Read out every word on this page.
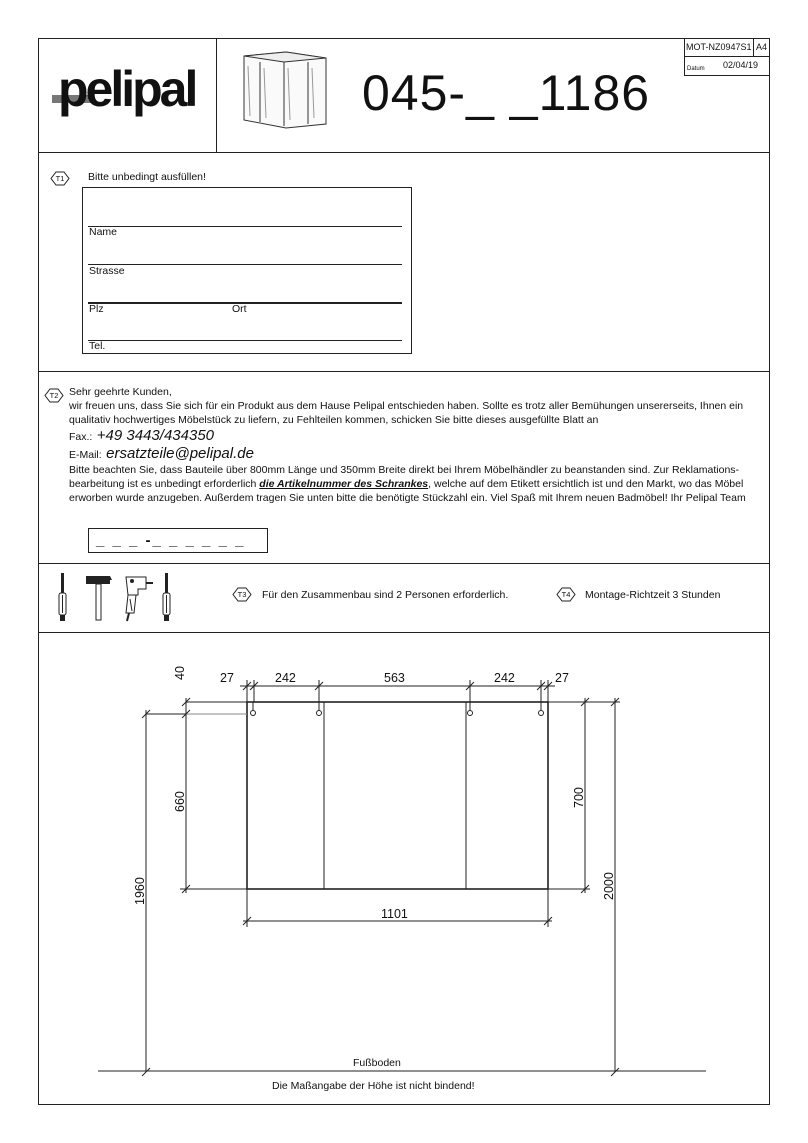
pelipal	045-_ _1186
MOT-NZ0947S1 A4
Datum 02/04/19
T1	Bitte unbedingt ausfüllen!
Name
Strasse
Plz	Ort
Tel.
T2	Sehr geehrte Kunden,
wir freuen uns, dass Sie sich für ein Produkt aus dem Hause Pelipal entschieden haben. Sollte es trotz aller Bemühungen unsererseits, Ihnen ein
qualitativ hochwertiges Möbelstück zu liefern, zu Fehlteilen kommen, schicken Sie bitte dieses ausgefüllte Blatt an
Fax.: +49 3443/434350
E-Mail: ersatzteile@pelipal.de
Bitte beachten Sie, dass Bauteile über 800mm Länge und 350mm Breite direkt bei Ihrem Möbelhändler zu beanstanden sind. Zur Reklamations-
bearbeitung ist es unbedingt erforderlich die Artikelnummer des Schrankes, welche auf dem Etikett ersichtlich ist und den Markt, wo das Möbel
erworben wurde anzugeben. Außerdem tragen Sie unten bitte die benötigte Stückzahl ein. Viel Spaß mit Ihrem neuen Badmöbel! Ihr Pelipal Team
_ _ _ -_ _ _ _ _ _
T3	Für den Zusammenbau sind 2 Personen erforderlich.	T4	Montage-Richtzeit 3 Stunden
27	242	563	242	27
1101
40
660
1960
700
2000
Fußboden
Die Maßangabe der Höhe ist nicht bindend!
